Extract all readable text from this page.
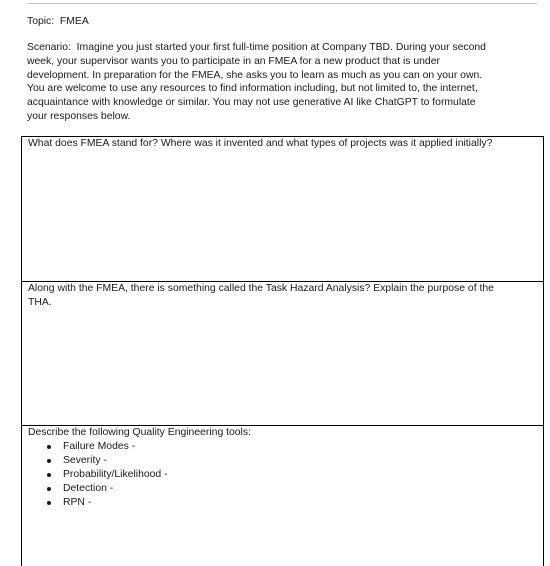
Topic:  FMEA
Scenario:  Imagine you just started your first full-time position at Company TBD. During your second
week, your supervisor wants you to participate in an FMEA for a new product that is under
development. In preparation for the FMEA, she asks you to learn as much as you can on your own.
You are welcome to use any resources to find information including, but not limited to, the internet,
acquaintance with knowledge or similar. You may not use generative AI like ChatGPT to formulate
your responses below.
What does FMEA stand for? Where was it invented and what types of projects was it applied initially?
Along with the FMEA, there is something called the Task Hazard Analysis? Explain the purpose of the
THA.
Describe the following Quality Engineering tools:
Failure Modes -
Severity -
Probability/Likelihood -
Detection -
RPN -
